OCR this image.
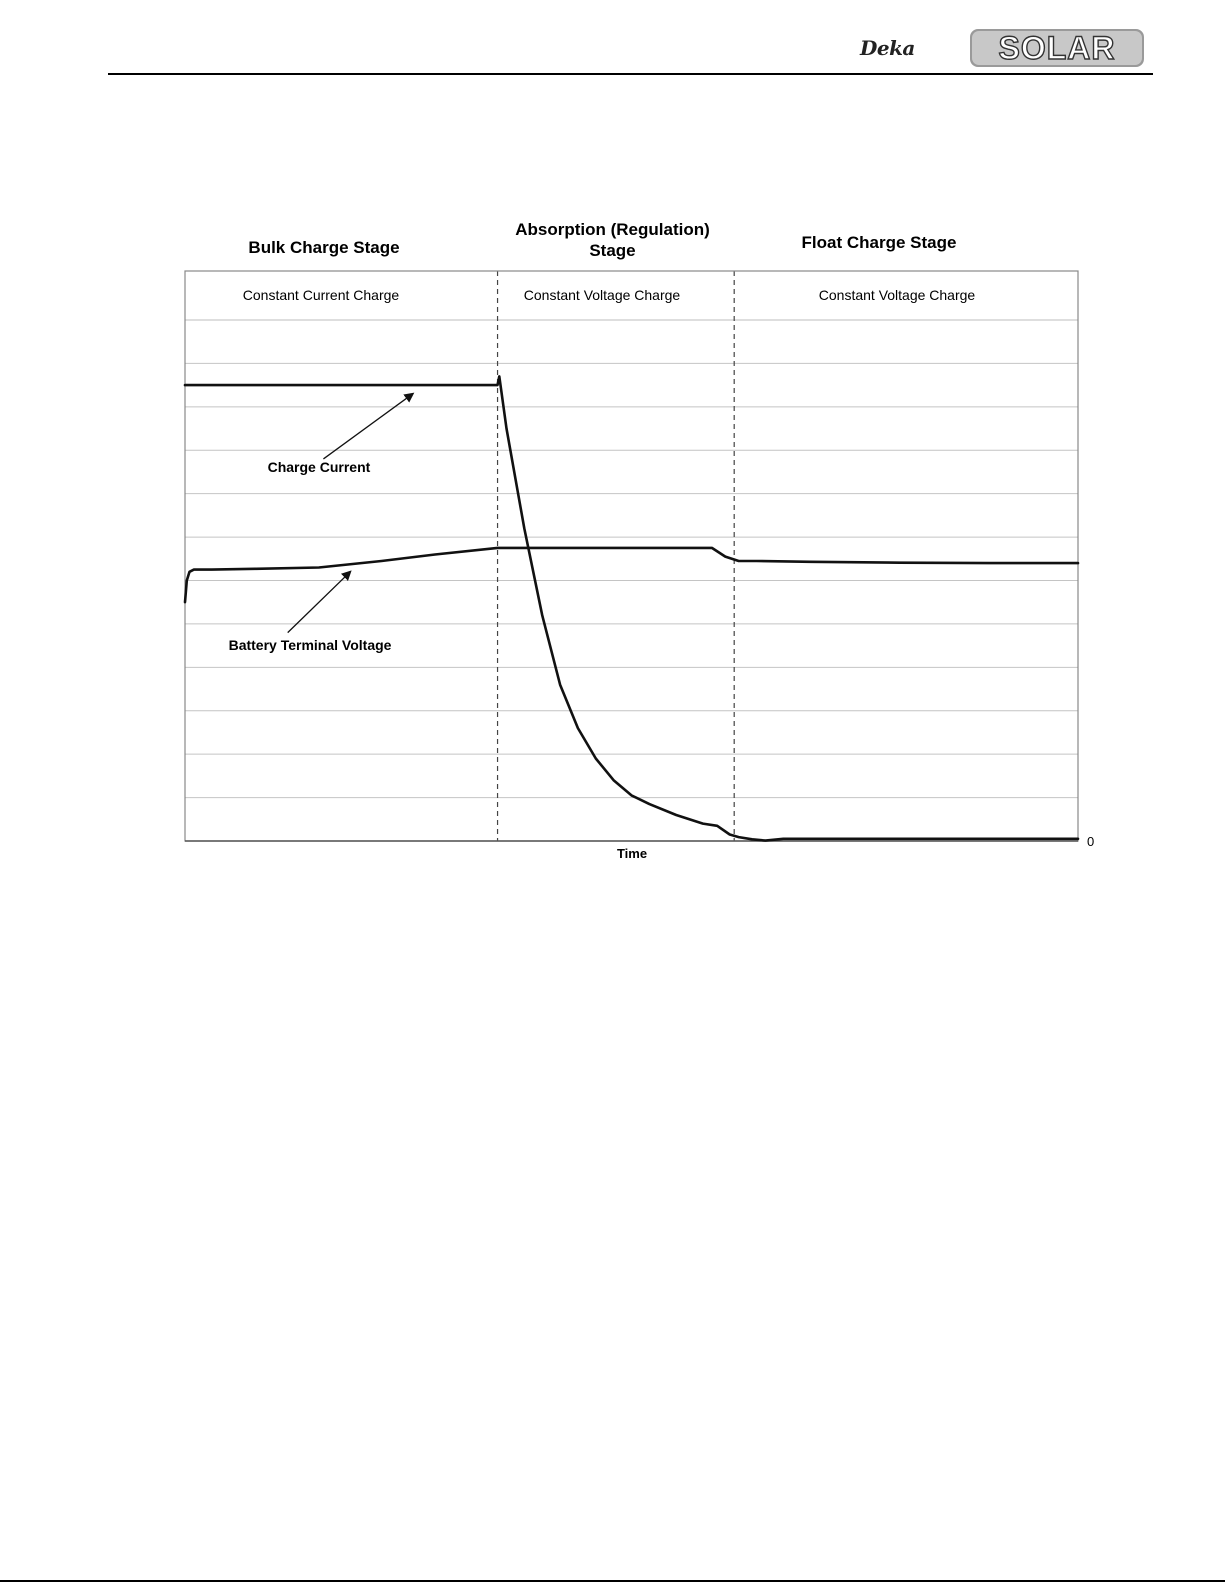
Deka	SOLAR
Bulk Charge Stage
Absorption (Regulation)
Stage	Float Charge Stage
Constant Current Charge	Constant Voltage Charge	Constant Voltage Charge
Charge Current
Battery Terminal Voltage
Time
0
